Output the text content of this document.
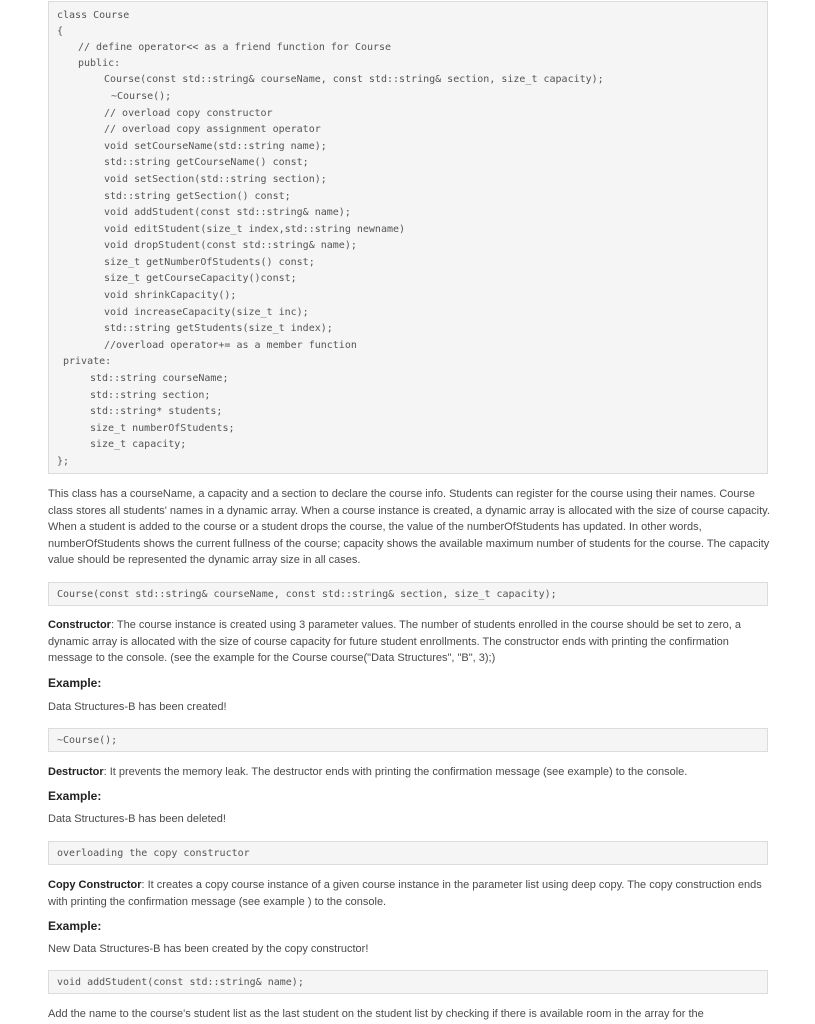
class Course
{
// define operator<< as a friend function for Course
public:
Course(const std::string& courseName, const std::string& section, size_t capacity);
~Course();
// overload copy constructor
// overload copy assignment operator
void setCourseName(std::string name);
std::string getCourseName() const;
void setSection(std::string section);
std::string getSection() const;
void addStudent(const std::string& name);
void editStudent(size_t index,std::string newname)
void dropStudent(const std::string& name);
size_t getNumberOfStudents() const;
size_t getCourseCapacity()const;
void shrinkCapacity();
void increaseCapacity(size_t inc);
std::string getStudents(size_t index);
//overload operator+= as a member function
private:
std::string courseName;
std::string section;
std::string* students;
size_t numberOfStudents;
size_t capacity;
};
This class has a courseName, a capacity and a section to declare the course info. Students can register for the course using their names. Course class stores all students' names in a dynamic array. When a course instance is created, a dynamic array is allocated with the size of course capacity. When a student is added to the course or a student drops the course, the value of the numberOfStudents has updated. In other words, numberOfStudents shows the current fullness of the course; capacity shows the available maximum number of students for the course. The capacity value should be represented the dynamic array size in all cases.
Course(const std::string& courseName, const std::string& section, size_t capacity);
Constructor: The course instance is created using 3 parameter values. The number of students enrolled in the course should be set to zero, a dynamic array is allocated with the size of course capacity for future student enrollments. The constructor ends with printing the confirmation message to the console. (see the example for the Course course("Data Structures", "B", 3);)
Example:
Data Structures-B has been created!
~Course();
Destructor: It prevents the memory leak. The destructor ends with printing the confirmation message (see example) to the console.
Example:
Data Structures-B has been deleted!
overloading the copy constructor
Copy Constructor: It creates a copy course instance of a given course instance in the parameter list using deep copy. The copy construction ends with printing the confirmation message (see example ) to the console.
Example:
New Data Structures-B has been created by the copy constructor!
void addStudent(const std::string& name);
Add the name to the course's student list as the last student on the student list by checking if there is available room in the array for the
